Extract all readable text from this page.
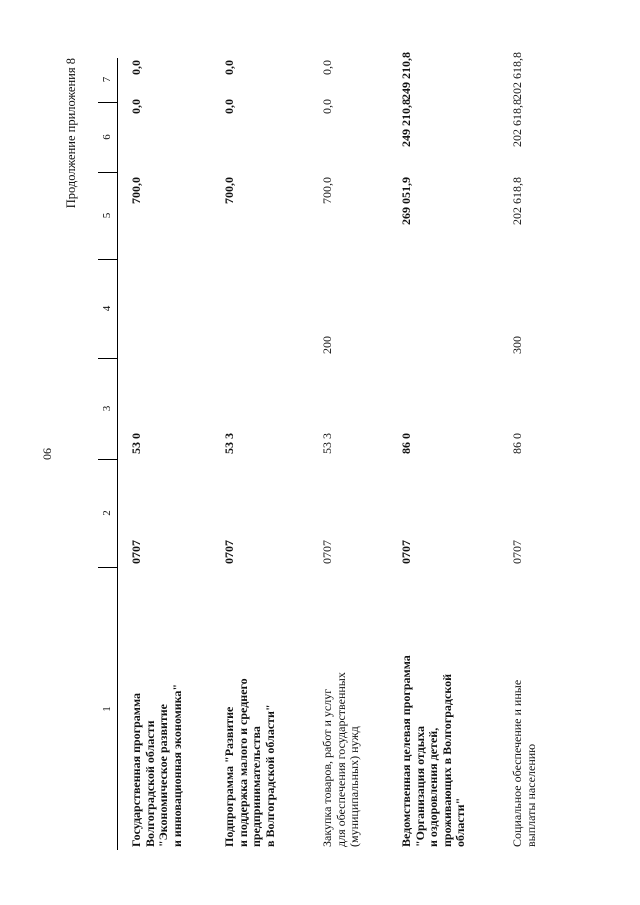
90
Продолжение приложения 8
1
2
3
4
5
6
7
Государственная программа Волгоградской области "Экономическое развитие и инновационная экономика"
0707
53 0
700,0
0,0
0,0
Подпрограмма "Развитие и поддержка малого и среднего предпринимательства в Волгоградской области"
0707
53 3
700,0
0,0
0,0
Закупка товаров, работ и услуг для обеспечения государственных (муниципальных) нужд
0707
53 3
200
700,0
0,0
0,0
Ведомственная целевая программа "Организация отдыха и оздоровления детей, проживающих в Волгоградской области"
0707
86 0
269 051,9
249 210,8
249 210,8
Социальное обеспечение и иные выплаты населению
0707
86 0
300
202 618,8
202 618,8
202 618,8
